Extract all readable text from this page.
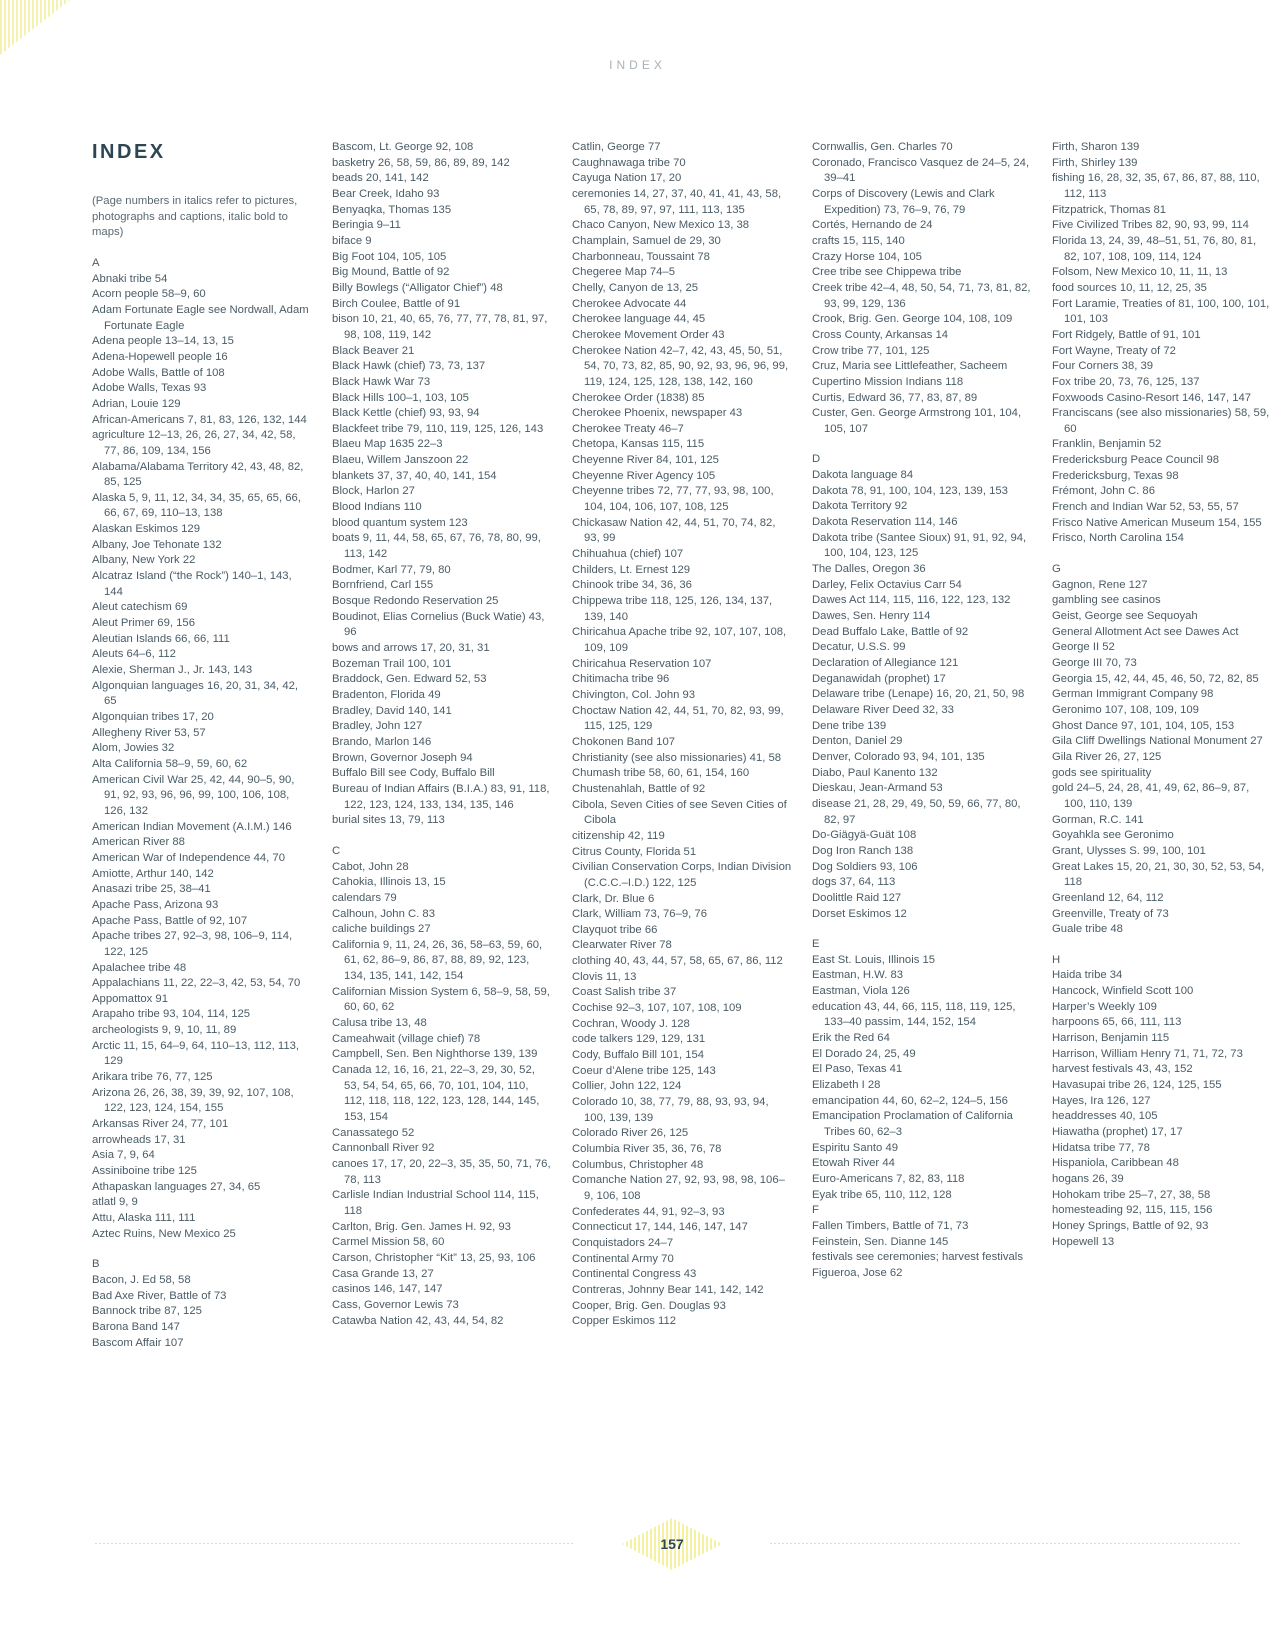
INDEX
INDEX
(Page numbers in italics refer to pictures, photographs and captions, italic bold to maps)
A
Abnaki tribe 54
Acorn people 58–9, 60
Adam Fortunate Eagle see Nordwall, Adam Fortunate Eagle
Adena people 13–14, 13, 15
Adena-Hopewell people 16
Adobe Walls, Battle of 108
Adobe Walls, Texas 93
Adrian, Louie 129
African-Americans 7, 81, 83, 126, 132, 144
agriculture 12–13, 26, 26, 27, 34, 42, 58, 77, 86, 109, 134, 156
Alabama/Alabama Territory 42, 43, 48, 82, 85, 125
Alaska 5, 9, 11, 12, 34, 34, 35, 65, 65, 66, 66, 67, 69, 110–13, 138
Alaskan Eskimos 129
Albany, Joe Tehonate 132
Albany, New York 22
Alcatraz Island (“the Rock”) 140–1, 143, 144
Aleut catechism 69
Aleut Primer 69, 156
Aleutian Islands 66, 66, 111
Aleuts 64–6, 112
Alexie, Sherman J., Jr. 143, 143
Algonquian languages 16, 20, 31, 34, 42, 65
Algonquian tribes 17, 20
Allegheny River 53, 57
Alom, Jowies 32
Alta California 58–9, 59, 60, 62
American Civil War 25, 42, 44, 90–5, 90, 91, 92, 93, 96, 96, 99, 100, 106, 108, 126, 132
American Indian Movement (A.I.M.) 146
American River 88
American War of Independence 44, 70
Amiotte, Arthur 140, 142
Anasazi tribe 25, 38–41
Apache Pass, Arizona 93
Apache Pass, Battle of 92, 107
Apache tribes 27, 92–3, 98, 106–9, 114, 122, 125
Apalachee tribe 48
Appalachians 11, 22, 22–3, 42, 53, 54, 70
Appomattox 91
Arapaho tribe 93, 104, 114, 125
archeologists 9, 9, 10, 11, 89
Arctic 11, 15, 64–9, 64, 110–13, 112, 113, 129
Arikara tribe 76, 77, 125
Arizona 26, 26, 38, 39, 39, 92, 107, 108, 122, 123, 124, 154, 155
Arkansas River 24, 77, 101
arrowheads 17, 31
Asia 7, 9, 64
Assiniboine tribe 125
Athapaskan languages 27, 34, 65
atlatl 9, 9
Attu, Alaska 111, 111
Aztec Ruins, New Mexico 25
B
Bacon, J. Ed 58, 58
Bad Axe River, Battle of 73
Bannock tribe 87, 125
Barona Band 147
Bascom Affair 107
Bascom, Lt. George 92, 108
basketry 26, 58, 59, 86, 89, 89, 142
beads 20, 141, 142
Bear Creek, Idaho 93
Benyaqka, Thomas 135
Beringia 9–11
biface 9
Big Foot 104, 105, 105
Big Mound, Battle of 92
Billy Bowlegs (“Alligator Chief”) 48
Birch Coulee, Battle of 91
bison 10, 21, 40, 65, 76, 77, 77, 78, 81, 97, 98, 108, 119, 142
Black Beaver 21
Black Hawk (chief) 73, 73, 137
Black Hawk War 73
Black Hills 100–1, 103, 105
Black Kettle (chief) 93, 93, 94
Blackfeet tribe 79, 110, 119, 125, 126, 143
Blaeu Map 1635 22–3
Blaeu, Willem Janszoon 22
blankets 37, 37, 40, 40, 141, 154
Block, Harlon 27
Blood Indians 110
blood quantum system 123
boats 9, 11, 44, 58, 65, 67, 76, 78, 80, 99, 113, 142
Bodmer, Karl 77, 79, 80
Bornfriend, Carl 155
Bosque Redondo Reservation 25
Boudinot, Elias Cornelius (Buck Watie) 43, 96
bows and arrows 17, 20, 31, 31
Bozeman Trail 100, 101
Braddock, Gen. Edward 52, 53
Bradenton, Florida 49
Bradley, David 140, 141
Bradley, John 127
Brando, Marlon 146
Brown, Governor Joseph 94
Buffalo Bill see Cody, Buffalo Bill
Bureau of Indian Affairs (B.I.A.) 83, 91, 118, 122, 123, 124, 133, 134, 135, 146
burial sites 13, 79, 113
C
Cabot, John 28
Cahokia, Illinois 13, 15
calendars 79
Calhoun, John C. 83
caliche buildings 27
California 9, 11, 24, 26, 36, 58–63, 59, 60, 61, 62, 86–9, 86, 87, 88, 89, 92, 123, 134, 135, 141, 142, 154
Californian Mission System 6, 58–9, 58, 59, 60, 60, 62
Calusa tribe 13, 48
Cameahwait (village chief) 78
Campbell, Sen. Ben Nighthorse 139, 139
Canada 12, 16, 16, 21, 22–3, 29, 30, 52, 53, 54, 54, 65, 66, 70, 101, 104, 110, 112, 118, 118, 122, 123, 128, 144, 145, 153, 154
Canassatego 52
Cannonball River 92
canoes 17, 17, 20, 22–3, 35, 35, 50, 71, 76, 78, 113
Carlisle Indian Industrial School 114, 115, 118
Carlton, Brig. Gen. James H. 92, 93
Carmel Mission 58, 60
Carson, Christopher “Kit” 13, 25, 93, 106
Casa Grande 13, 27
casinos 146, 147, 147
Cass, Governor Lewis 73
Catawba Nation 42, 43, 44, 54, 82
Catlin, George 77
Caughnawaga tribe 70
Cayuga Nation 17, 20
ceremonies 14, 27, 37, 40, 41, 41, 43, 58, 65, 78, 89, 97, 97, 111, 113, 135
Chaco Canyon, New Mexico 13, 38
Champlain, Samuel de 29, 30
Charbonneau, Toussaint 78
Chegeree Map 74–5
Chelly, Canyon de 13, 25
Cherokee Advocate 44
Cherokee language 44, 45
Cherokee Movement Order 43
Cherokee Nation 42–7, 42, 43, 45, 50, 51, 54, 70, 73, 82, 85, 90, 92, 93, 96, 96, 99, 119, 124, 125, 128, 138, 142, 160
Cherokee Order (1838) 85
Cherokee Phoenix, newspaper 43
Cherokee Treaty 46–7
Chetopa, Kansas 115, 115
Cheyenne River 84, 101, 125
Cheyenne River Agency 105
Cheyenne tribes 72, 77, 77, 93, 98, 100, 104, 104, 106, 107, 108, 125
Chickasaw Nation 42, 44, 51, 70, 74, 82, 93, 99
Chihuahua (chief) 107
Childers, Lt. Ernest 129
Chinook tribe 34, 36, 36
Chippewa tribe 118, 125, 126, 134, 137, 139, 140
Chiricahua Apache tribe 92, 107, 107, 108, 109, 109
Chiricahua Reservation 107
Chitimacha tribe 96
Chivington, Col. John 93
Choctaw Nation 42, 44, 51, 70, 82, 93, 99, 115, 125, 129
Chokonen Band 107
Christianity (see also missionaries) 41, 58
Chumash tribe 58, 60, 61, 154, 160
Chustenahlah, Battle of 92
Cibola, Seven Cities of see Seven Cities of Cibola
citizenship 42, 119
Citrus County, Florida 51
Civilian Conservation Corps, Indian Division (C.C.C.–I.D.) 122, 125
Clark, Dr. Blue 6
Clark, William 73, 76–9, 76
Clayquot tribe 66
Clearwater River 78
clothing 40, 43, 44, 57, 58, 65, 67, 86, 112
Clovis 11, 13
Coast Salish tribe 37
Cochise 92–3, 107, 107, 108, 109
Cochran, Woody J. 128
code talkers 129, 129, 131
Cody, Buffalo Bill 101, 154
Coeur d’Alene tribe 125, 143
Collier, John 122, 124
Colorado 10, 38, 77, 79, 88, 93, 93, 94, 100, 139, 139
Colorado River 26, 125
Columbia River 35, 36, 76, 78
Columbus, Christopher 48
Comanche Nation 27, 92, 93, 98, 98, 106–9, 106, 108
Confederates 44, 91, 92–3, 93
Connecticut 17, 144, 146, 147, 147
Conquistadors 24–7
Continental Army 70
Continental Congress 43
Contreras, Johnny Bear 141, 142, 142
Cooper, Brig. Gen. Douglas 93
Copper Eskimos 112
Cornwallis, Gen. Charles 70
Coronado, Francisco Vasquez de 24–5, 24, 39–41
Corps of Discovery (Lewis and Clark Expedition) 73, 76–9, 76, 79
Cortés, Hernando de 24
crafts 15, 115, 140
Crazy Horse 104, 105
Cree tribe see Chippewa tribe
Creek tribe 42–4, 48, 50, 54, 71, 73, 81, 82, 93, 99, 129, 136
Crook, Brig. Gen. George 104, 108, 109
Cross County, Arkansas 14
Crow tribe 77, 101, 125
Cruz, Maria see Littlefeather, Sacheem
Cupertino Mission Indians 118
Curtis, Edward 36, 77, 83, 87, 89
Custer, Gen. George Armstrong 101, 104, 105, 107
D
Dakota language 84
Dakota 78, 91, 100, 104, 123, 139, 153
Dakota Territory 92
Dakota Reservation 114, 146
Dakota tribe (Santee Sioux) 91, 91, 92, 94, 100, 104, 123, 125
The Dalles, Oregon 36
Darley, Felix Octavius Carr 54
Dawes Act 114, 115, 116, 122, 123, 132
Dawes, Sen. Henry 114
Dead Buffalo Lake, Battle of 92
Decatur, U.S.S. 99
Declaration of Allegiance 121
Deganawidah (prophet) 17
Delaware tribe (Lenape) 16, 20, 21, 50, 98
Delaware River Deed 32, 33
Dene tribe 139
Denton, Daniel 29
Denver, Colorado 93, 94, 101, 135
Diabo, Paul Kanento 132
Dieskau, Jean-Armand 53
disease 21, 28, 29, 49, 50, 59, 66, 77, 80, 82, 97
Do-Giägyä-Guät 108
Dog Iron Ranch 138
Dog Soldiers 93, 106
dogs 37, 64, 113
Doolittle Raid 127
Dorset Eskimos 12
E
East St. Louis, Illinois 15
Eastman, H.W. 83
Eastman, Viola 126
education 43, 44, 66, 115, 118, 119, 125, 133–40 passim, 144, 152, 154
Erik the Red 64
El Dorado 24, 25, 49
El Paso, Texas 41
Elizabeth I 28
emancipation 44, 60, 62–2, 124–5, 156
Emancipation Proclamation of California Tribes 60, 62–3
Espiritu Santo 49
Etowah River 44
Euro-Americans 7, 82, 83, 118
Eyak tribe 65, 110, 112, 128
F
Fallen Timbers, Battle of 71, 73
Feinstein, Sen. Dianne 145
festivals see ceremonies; harvest festivals
Figueroa, Jose 62
Firth, Sharon 139
Firth, Shirley 139
fishing 16, 28, 32, 35, 67, 86, 87, 88, 110, 112, 113
Fitzpatrick, Thomas 81
Five Civilized Tribes 82, 90, 93, 99, 114
Florida 13, 24, 39, 48–51, 51, 76, 80, 81, 82, 107, 108, 109, 114, 124
Folsom, New Mexico 10, 11, 11, 13
food sources 10, 11, 12, 25, 35
Fort Laramie, Treaties of 81, 100, 100, 101, 101, 103
Fort Ridgely, Battle of 91, 101
Fort Wayne, Treaty of 72
Four Corners 38, 39
Fox tribe 20, 73, 76, 125, 137
Foxwoods Casino-Resort 146, 147, 147
Franciscans (see also missionaries) 58, 59, 60
Franklin, Benjamin 52
Fredericksburg Peace Council 98
Fredericksburg, Texas 98
Frémont, John C. 86
French and Indian War 52, 53, 55, 57
Frisco Native American Museum 154, 155
Frisco, North Carolina 154
G
Gagnon, Rene 127
gambling see casinos
Geist, George see Sequoyah
General Allotment Act see Dawes Act
George II 52
George III 70, 73
Georgia 15, 42, 44, 45, 46, 50, 72, 82, 85
German Immigrant Company 98
Geronimo 107, 108, 109, 109
Ghost Dance 97, 101, 104, 105, 153
Gila Cliff Dwellings National Monument 27
Gila River 26, 27, 125
gods see spirituality
gold 24–5, 24, 28, 41, 49, 62, 86–9, 87, 100, 110, 139
Gorman, R.C. 141
Goyahkla see Geronimo
Grant, Ulysses S. 99, 100, 101
Great Lakes 15, 20, 21, 30, 30, 52, 53, 54, 118
Greenland 12, 64, 112
Greenville, Treaty of 73
Guale tribe 48
H
Haida tribe 34
Hancock, Winfield Scott 100
Harper’s Weekly 109
harpoons 65, 66, 111, 113
Harrison, Benjamin 115
Harrison, William Henry 71, 71, 72, 73
harvest festivals 43, 43, 152
Havasupai tribe 26, 124, 125, 155
Hayes, Ira 126, 127
headdresses 40, 105
Hiawatha (prophet) 17, 17
Hidatsa tribe 77, 78
Hispaniola, Caribbean 48
hogans 26, 39
Hohokam tribe 25–7, 27, 38, 58
homesteading 92, 115, 115, 156
Honey Springs, Battle of 92, 93
Hopewell 13
157
